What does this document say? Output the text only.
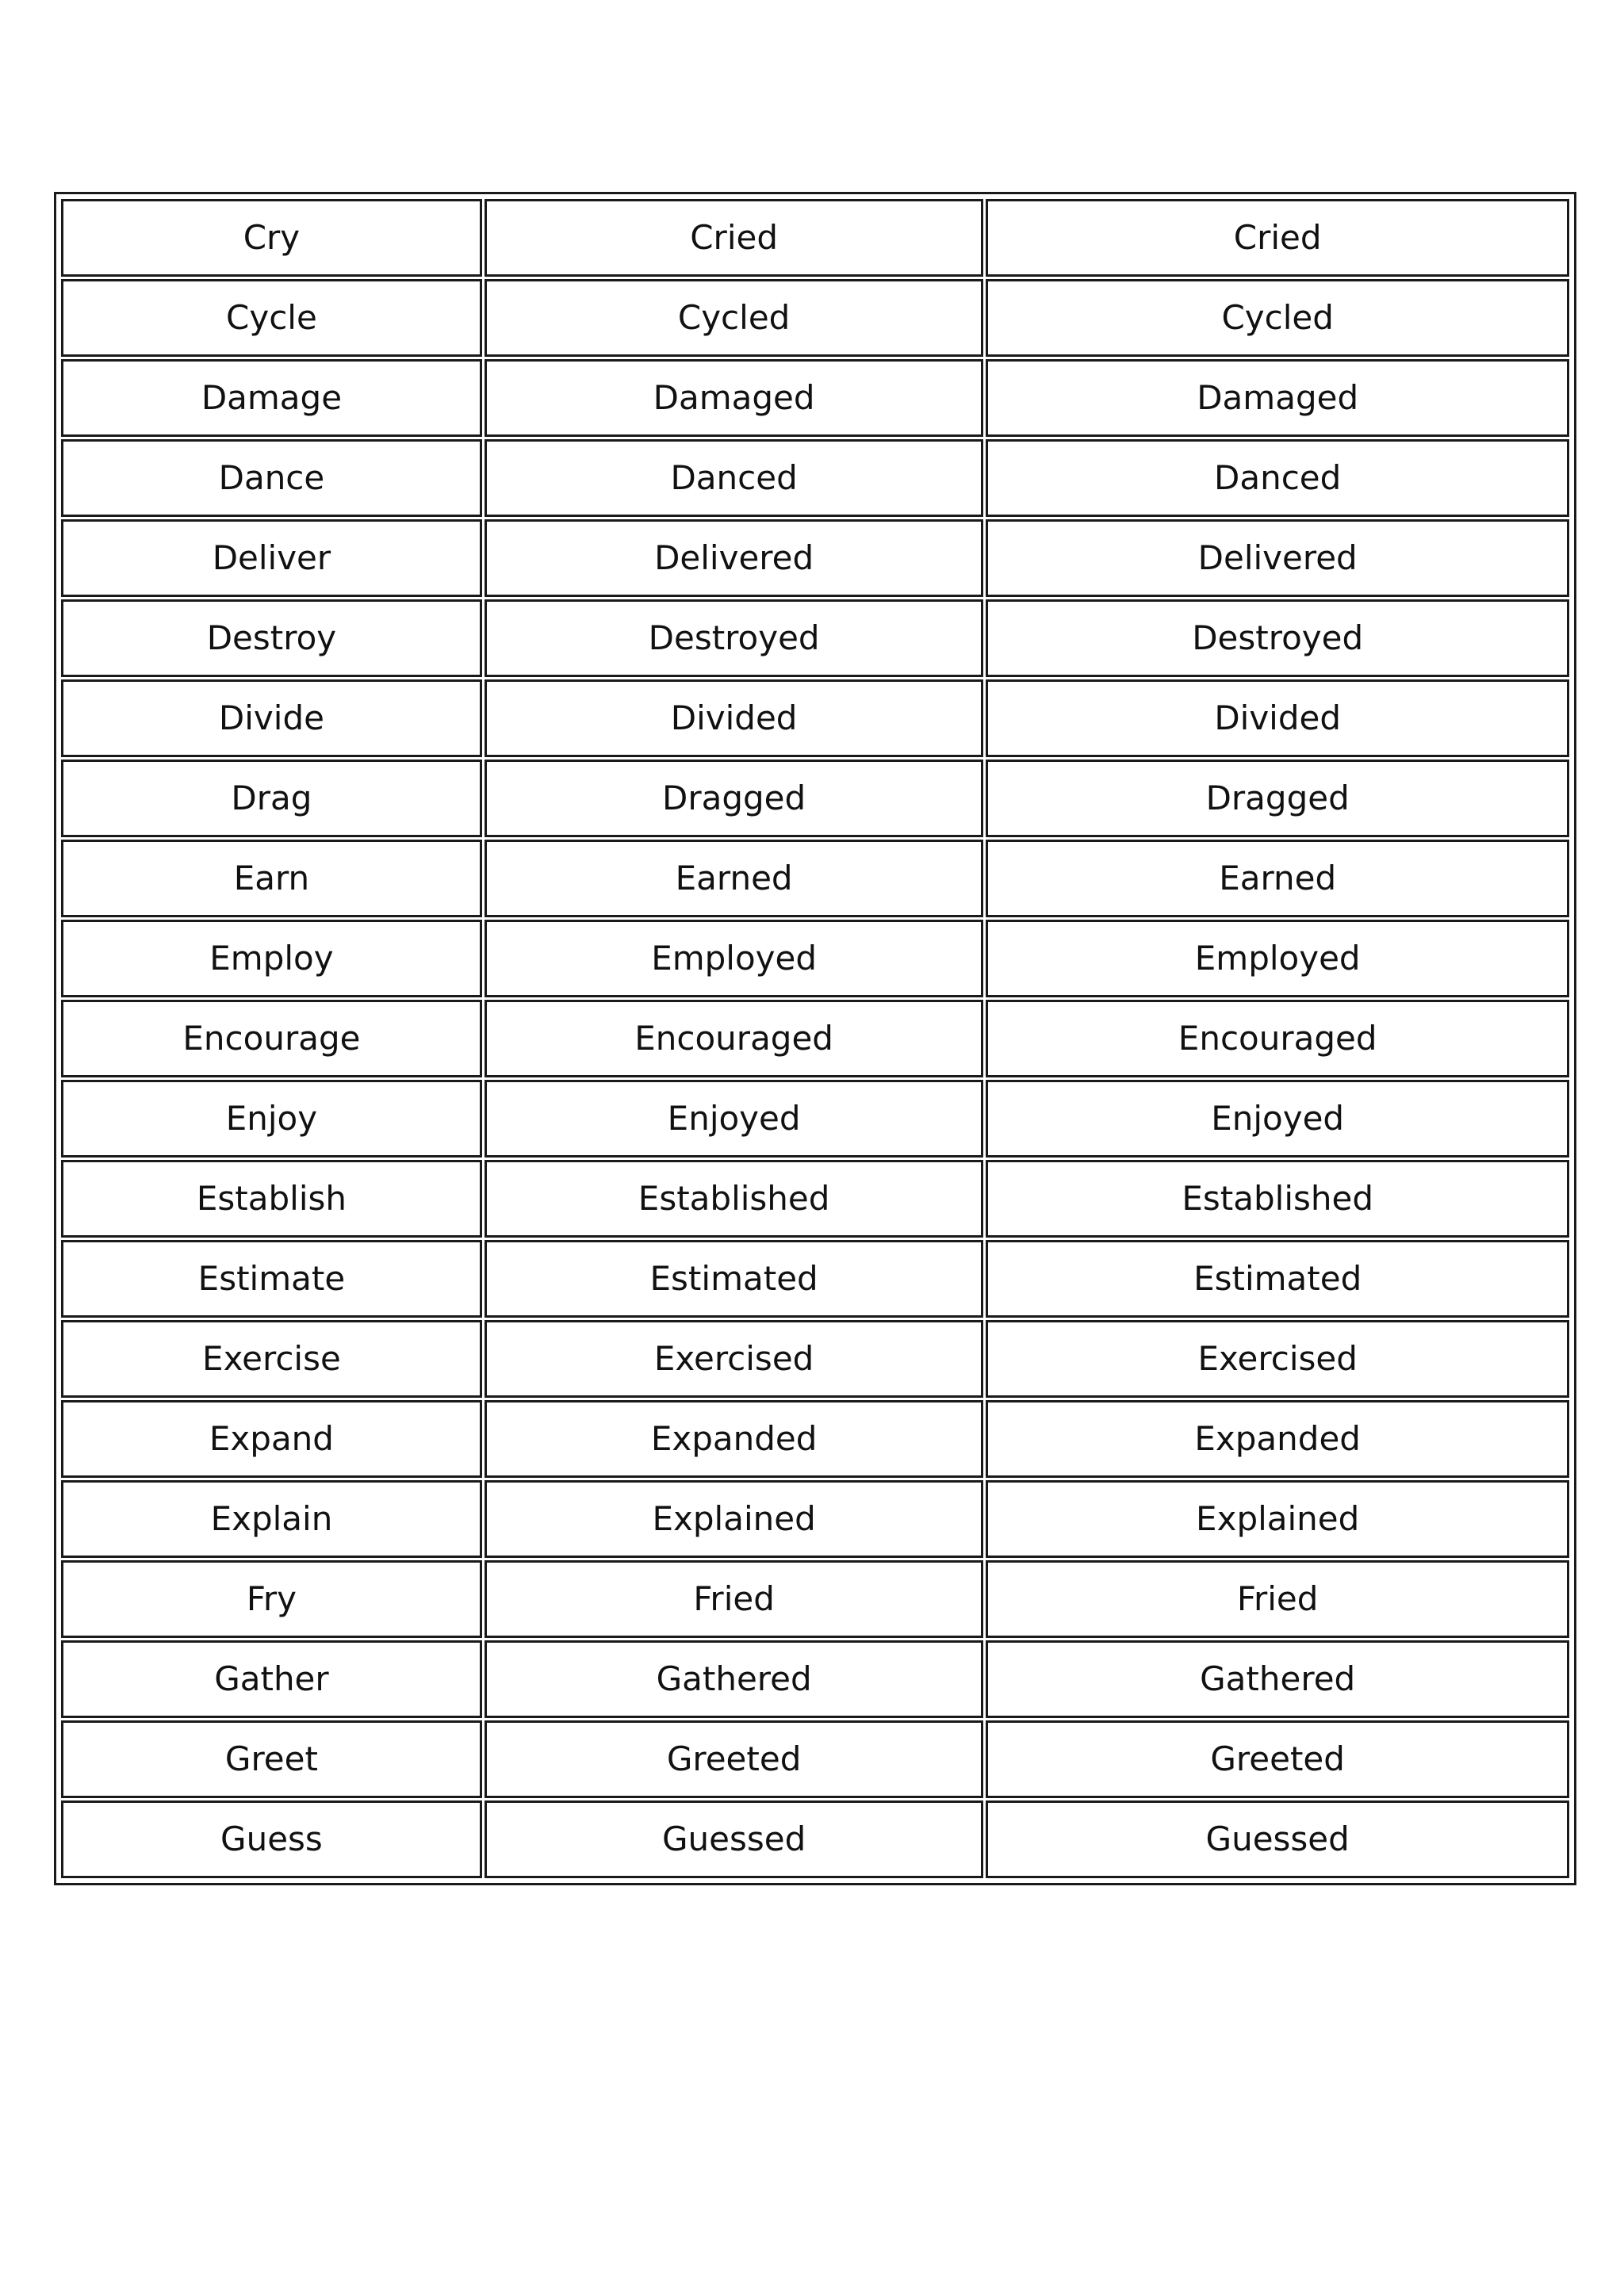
Cry	Cried	Cried
Cycle	Cycled	Cycled
Damage	Damaged	Damaged
Dance	Danced	Danced
Deliver	Delivered	Delivered
Destroy	Destroyed	Destroyed
Divide	Divided	Divided
Drag	Dragged	Dragged
Earn	Earned	Earned
Employ	Employed	Employed
Encourage	Encouraged	Encouraged
Enjoy	Enjoyed	Enjoyed
Establish	Established	Established
Estimate	Estimated	Estimated
Exercise	Exercised	Exercised
Expand	Expanded	Expanded
Explain	Explained	Explained
Fry	Fried	Fried
Gather	Gathered	Gathered
Greet	Greeted	Greeted
Guess	Guessed	Guessed
